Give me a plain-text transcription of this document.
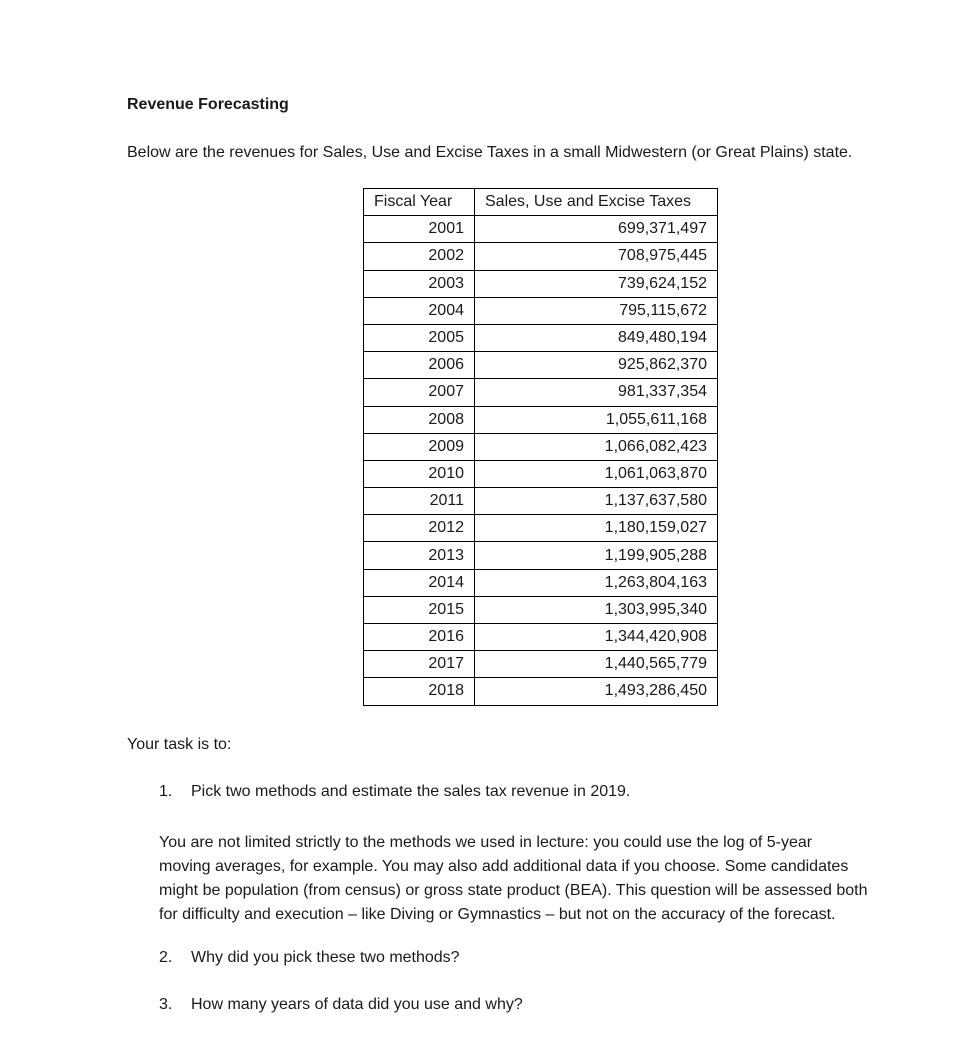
Revenue Forecasting

Below are the revenues for Sales, Use and Excise Taxes in a small Midwestern (or Great Plains) state.

Fiscal Year	Sales, Use and Excise Taxes
2001	699,371,497
2002	708,975,445
2003	739,624,152
2004	795,115,672
2005	849,480,194
2006	925,862,370
2007	981,337,354
2008	1,055,611,168
2009	1,066,082,423
2010	1,061,063,870
2011	1,137,637,580
2012	1,180,159,027
2013	1,199,905,288
2014	1,263,804,163
2015	1,303,995,340
2016	1,344,420,908
2017	1,440,565,779
2018	1,493,286,450

Your task is to:

1. Pick two methods and estimate the sales tax revenue in 2019.

You are not limited strictly to the methods we used in lecture: you could use the log of 5-year
moving averages, for example. You may also add additional data if you choose. Some candidates
might be population (from census) or gross state product (BEA). This question will be assessed both
for difficulty and execution – like Diving or Gymnastics – but not on the accuracy of the forecast.

2. Why did you pick these two methods?

3. How many years of data did you use and why?
